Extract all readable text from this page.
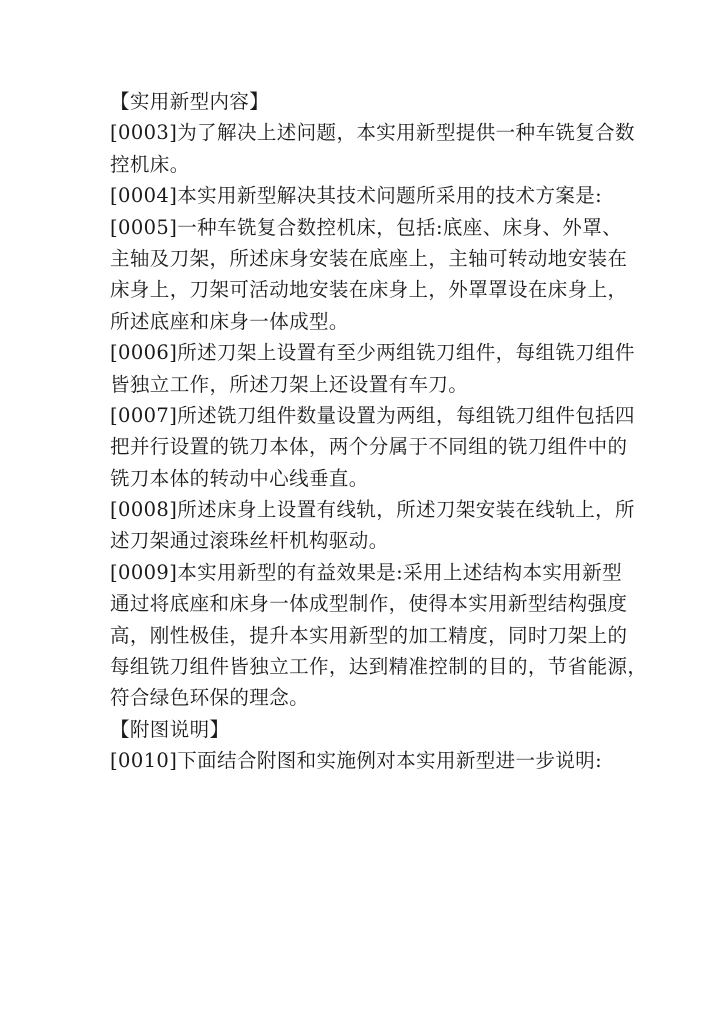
【实用新型内容】
[0003]为了解决上述问题，本实用新型提供一种车铣复合数
控机床。
[0004]本实用新型解决其技术问题所采用的技术方案是:
[0005]一种车铣复合数控机床，包括:底座、床身、外罩、
主轴及刀架，所述床身安装在底座上，主轴可转动地安装在
床身上，刀架可活动地安装在床身上，外罩罩设在床身上，
所述底座和床身一体成型。
[0006]所述刀架上设置有至少两组铣刀组件，每组铣刀组件
皆独立工作，所述刀架上还设置有车刀。
[0007]所述铣刀组件数量设置为两组，每组铣刀组件包括四
把并行设置的铣刀本体，两个分属于不同组的铣刀组件中的
铣刀本体的转动中心线垂直。
[0008]所述床身上设置有线轨，所述刀架安装在线轨上，所
述刀架通过滚珠丝杆机构驱动。
[0009]本实用新型的有益效果是:采用上述结构本实用新型
通过将底座和床身一体成型制作，使得本实用新型结构强度
高，刚性极佳，提升本实用新型的加工精度，同时刀架上的
每组铣刀组件皆独立工作，达到精准控制的目的，节省能源，
符合绿色环保的理念。
【附图说明】
[0010]下面结合附图和实施例对本实用新型进一步说明:
